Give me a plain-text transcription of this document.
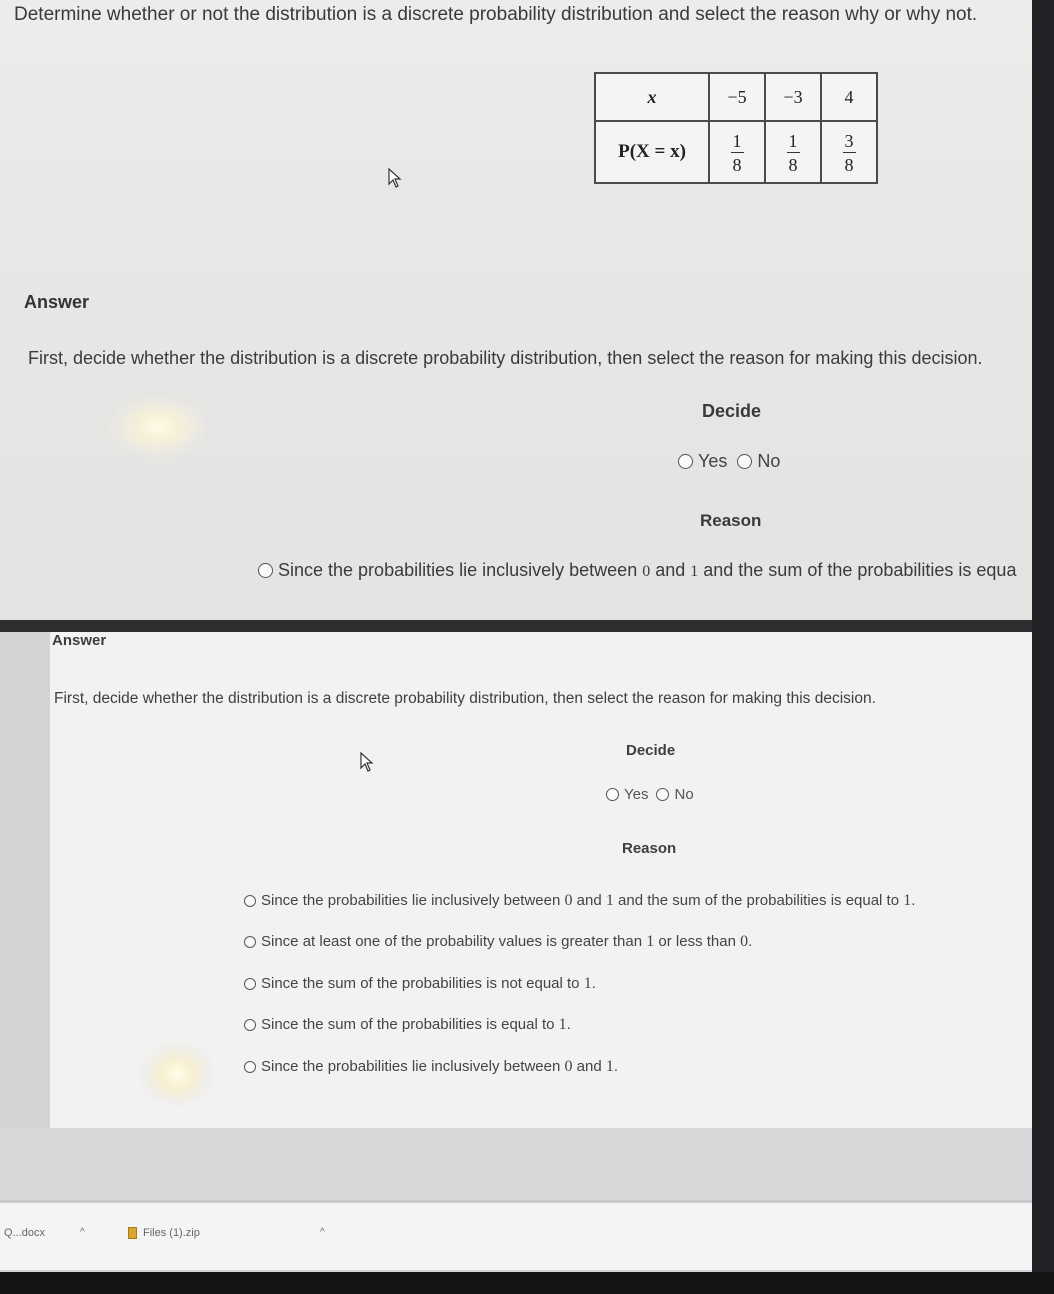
Determine whether or not the distribution is a discrete probability distribution and select the reason why or why not.
x	−5	−3	4
P(X = x)	$\frac{1}{8}$	$\frac{1}{8}$	$\frac{3}{8}$
Answer
First, decide whether the distribution is a discrete probability distribution, then select the reason for making this decision.
Decide
Yes No
Reason
Since the probabilities lie inclusively between 0 and 1 and the sum of the probabilities is equa
Answer
First, decide whether the distribution is a discrete probability distribution, then select the reason for making this decision.
Decide
Yes No
Reason
Since the probabilities lie inclusively between 0 and 1 and the sum of the probabilities is equal to 1.
Since at least one of the probability values is greater than 1 or less than 0.
Since the sum of the probabilities is not equal to 1.
Since the sum of the probabilities is equal to 1.
Since the probabilities lie inclusively between 0 and 1.
Q...docx	^	Files (1).zip	^
